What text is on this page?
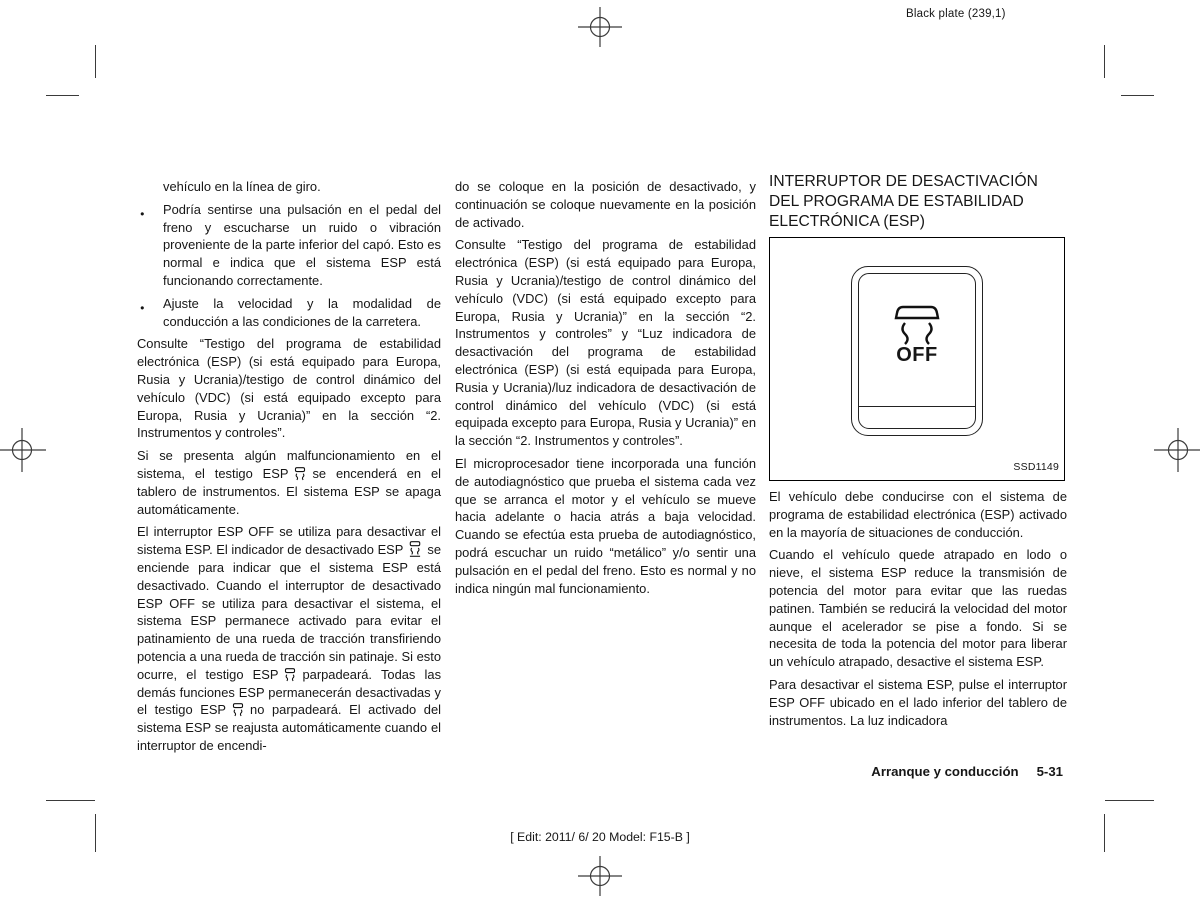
Black plate (239,1)
vehículo en la línea de giro.
● Podría sentirse una pulsación en el pedal del freno y escucharse un ruido o vibración proveniente de la parte inferior del capó. Esto es normal e indica que el sistema ESP está funcionando correctamente.
● Ajuste la velocidad y la modalidad de conducción a las condiciones de la carretera.

Consulte “Testigo del programa de estabilidad electrónica (ESP) (si está equipado para Europa, Rusia y Ucrania)/testigo de control dinámico del vehículo (VDC) (si está equipado excepto para Europa, Rusia y Ucrania)” en la sección “2. Instrumentos y controles”.

Si se presenta algún malfuncionamiento en el sistema, el testigo ESP se encenderá en el tablero de instrumentos. El sistema ESP se apaga automáticamente.

El interruptor ESP OFF se utiliza para desactivar el sistema ESP. El indicador de desactivado ESP se enciende para indicar que el sistema ESP está desactivado. Cuando el interruptor de desactivado ESP OFF se utiliza para desactivar el sistema, el sistema ESP permanece activado para evitar el patinamiento de una rueda de tracción transfiriendo potencia a una rueda de tracción sin patinaje. Si esto ocurre, el testigo ESP parpadeará. Todas las demás funciones ESP permanecerán desactivadas y el testigo ESP no parpadeará. El activado del sistema ESP se reajusta automáticamente cuando el interruptor de encendi-

do se coloque en la posición de desactivado, y continuación se coloque nuevamente en la posición de activado.

Consulte “Testigo del programa de estabilidad electrónica (ESP) (si está equipado para Europa, Rusia y Ucrania)/testigo de control dinámico del vehículo (VDC) (si está equipado excepto para Europa, Rusia y Ucrania)” en la sección “2. Instrumentos y controles” y “Luz indicadora de desactivación del programa de estabilidad electrónica (ESP) (si está equipada para Europa, Rusia y Ucrania)/luz indicadora de desactivación de control dinámico del vehículo (VDC) (si está equipada excepto para Europa, Rusia y Ucrania)” en la sección “2. Instrumentos y controles”.

El microprocesador tiene incorporada una función de autodiagnóstico que prueba el sistema cada vez que se arranca el motor y el vehículo se mueve hacia adelante o hacia atrás a baja velocidad. Cuando se efectúa esta prueba de autodiagnóstico, podrá escuchar un ruido “metálico” y/o sentir una pulsación en el pedal del freno. Esto es normal y no indica ningún mal funcionamiento.

INTERRUPTOR DE DESACTIVACIÓN DEL PROGRAMA DE ESTABILIDAD ELECTRÓNICA (ESP)
OFF
SSD1149

El vehículo debe conducirse con el sistema de programa de estabilidad electrónica (ESP) activado en la mayoría de situaciones de conducción.

Cuando el vehículo quede atrapado en lodo o nieve, el sistema ESP reduce la transmisión de potencia del motor para evitar que las ruedas patinen. También se reducirá la velocidad del motor aunque el acelerador se pise a fondo. Si se necesita de toda la potencia del motor para liberar un vehículo atrapado, desactive el sistema ESP.

Para desactivar el sistema ESP, pulse el interruptor ESP OFF ubicado en el lado inferior del tablero de instrumentos. La luz indicadora

Arranque y conducción 5-31
[ Edit: 2011/ 6/ 20 Model: F15-B ]
